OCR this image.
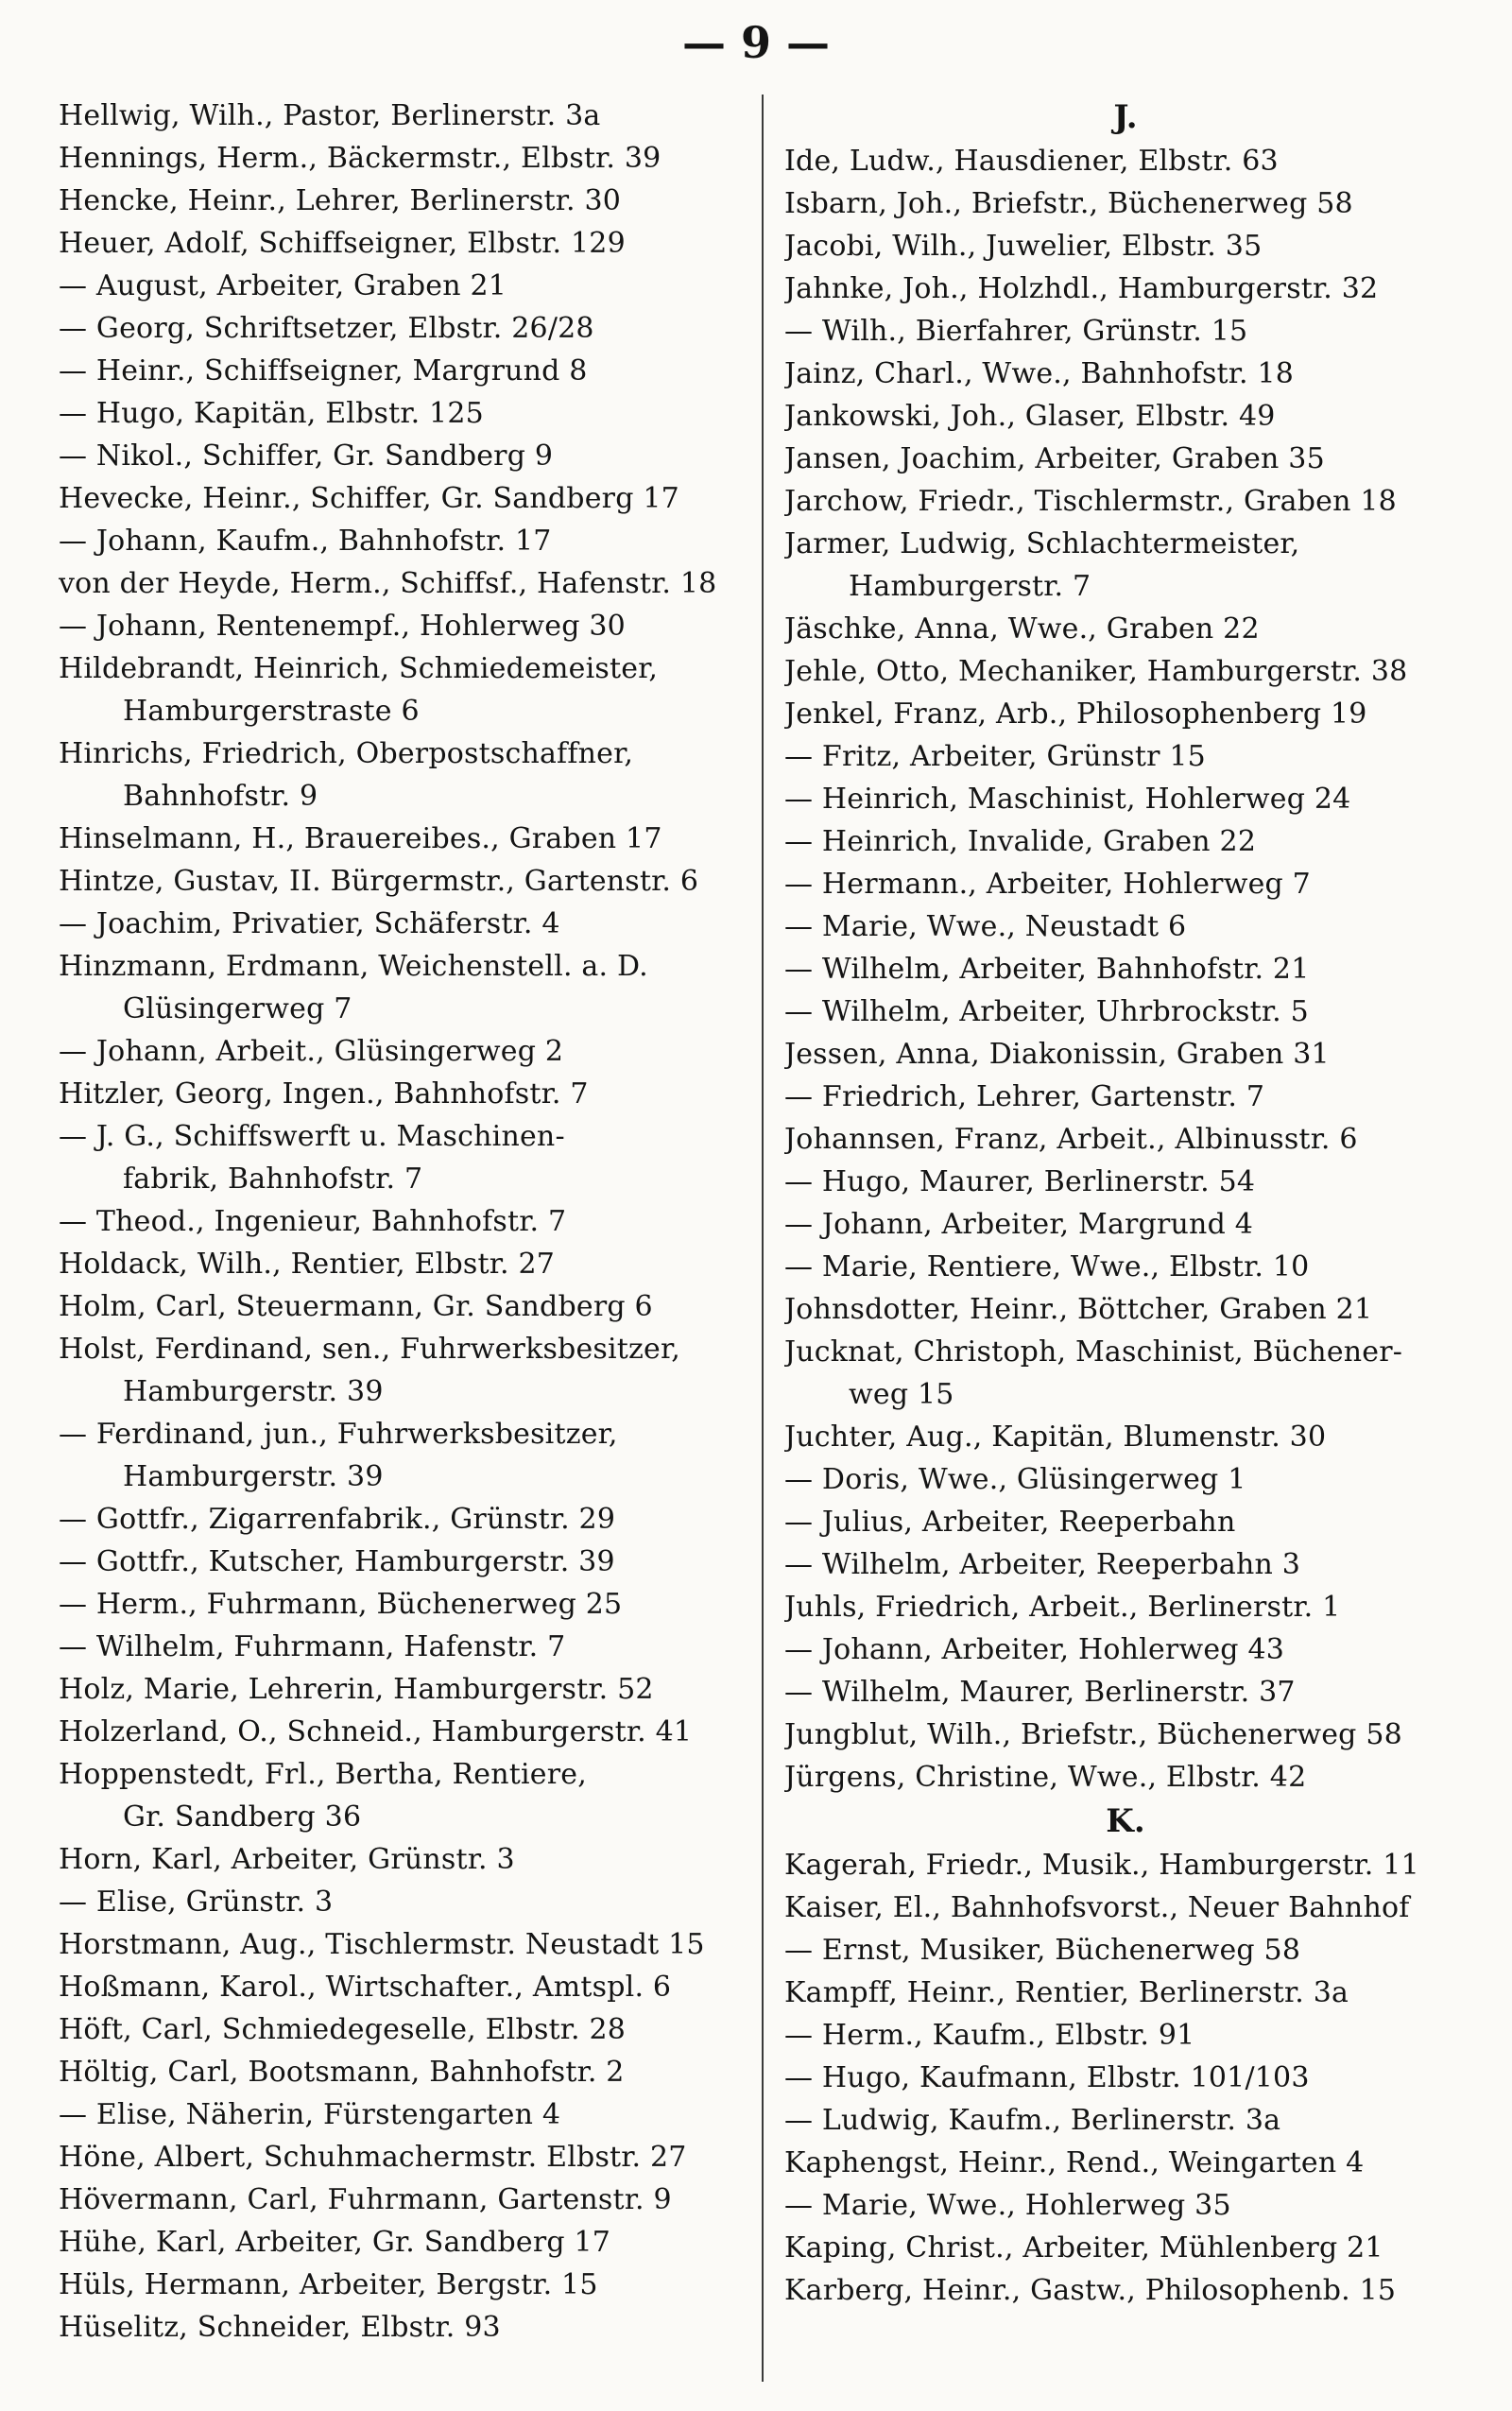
— 9 —
Hellwig, Wilh., Pastor, Berlinerstr. 3a
Hennings, Herm., Bäckermstr., Elbstr. 39
Hencke, Heinr., Lehrer, Berlinerstr. 30
Heuer, Adolf, Schiffseigner, Elbstr. 129
— August, Arbeiter, Graben 21
— Georg, Schriftsetzer, Elbstr. 26/28
— Heinr., Schiffseigner, Margrund 8
— Hugo, Kapitän, Elbstr. 125
— Nikol., Schiffer, Gr. Sandberg 9
Hevecke, Heinr., Schiffer, Gr. Sandberg 17
— Johann, Kaufm., Bahnhofstr. 17
von der Heyde, Herm., Schiffsf., Hafenstr. 18
— Johann, Rentenempf., Hohlerweg 30
Hildebrandt, Heinrich, Schmiedemeister,
Hamburgerstraste 6
Hinrichs, Friedrich, Oberpostschaffner,
Bahnhofstr. 9
Hinselmann, H., Brauereibes., Graben 17
Hintze, Gustav, II. Bürgermstr., Gartenstr. 6
— Joachim, Privatier, Schäferstr. 4
Hinzmann, Erdmann, Weichenstell. a. D.
Glüsingerweg 7
— Johann, Arbeit., Glüsingerweg 2
Hitzler, Georg, Ingen., Bahnhofstr. 7
— J. G., Schiffswerft u. Maschinen-
fabrik, Bahnhofstr. 7
— Theod., Ingenieur, Bahnhofstr. 7
Holdack, Wilh., Rentier, Elbstr. 27
Holm, Carl, Steuermann, Gr. Sandberg 6
Holst, Ferdinand, sen., Fuhrwerksbesitzer,
Hamburgerstr. 39
— Ferdinand, jun., Fuhrwerksbesitzer,
Hamburgerstr. 39
— Gottfr., Zigarrenfabrik., Grünstr. 29
— Gottfr., Kutscher, Hamburgerstr. 39
— Herm., Fuhrmann, Büchenerweg 25
— Wilhelm, Fuhrmann, Hafenstr. 7
Holz, Marie, Lehrerin, Hamburgerstr. 52
Holzerland, O., Schneid., Hamburgerstr. 41
Hoppenstedt, Frl., Bertha, Rentiere,
Gr. Sandberg 36
Horn, Karl, Arbeiter, Grünstr. 3
— Elise, Grünstr. 3
Horstmann, Aug., Tischlermstr. Neustadt 15
Hoßmann, Karol., Wirtschafter., Amtspl. 6
Höft, Carl, Schmiedegeselle, Elbstr. 28
Höltig, Carl, Bootsmann, Bahnhofstr. 2
— Elise, Näherin, Fürstengarten 4
Höne, Albert, Schuhmachermstr. Elbstr. 27
Hövermann, Carl, Fuhrmann, Gartenstr. 9
Hühe, Karl, Arbeiter, Gr. Sandberg 17
Hüls, Hermann, Arbeiter, Bergstr. 15
Hüselitz, Schneider, Elbstr. 93
J.
Ide, Ludw., Hausdiener, Elbstr. 63
Isbarn, Joh., Briefstr., Büchenerweg 58
Jacobi, Wilh., Juwelier, Elbstr. 35
Jahnke, Joh., Holzhdl., Hamburgerstr. 32
— Wilh., Bierfahrer, Grünstr. 15
Jainz, Charl., Wwe., Bahnhofstr. 18
Jankowski, Joh., Glaser, Elbstr. 49
Jansen, Joachim, Arbeiter, Graben 35
Jarchow, Friedr., Tischlermstr., Graben 18
Jarmer, Ludwig, Schlachtermeister,
Hamburgerstr. 7
Jäschke, Anna, Wwe., Graben 22
Jehle, Otto, Mechaniker, Hamburgerstr. 38
Jenkel, Franz, Arb., Philosophenberg 19
— Fritz, Arbeiter, Grünstr 15
— Heinrich, Maschinist, Hohlerweg 24
— Heinrich, Invalide, Graben 22
— Hermann., Arbeiter, Hohlerweg 7
— Marie, Wwe., Neustadt 6
— Wilhelm, Arbeiter, Bahnhofstr. 21
— Wilhelm, Arbeiter, Uhrbrockstr. 5
Jessen, Anna, Diakonissin, Graben 31
— Friedrich, Lehrer, Gartenstr. 7
Johannsen, Franz, Arbeit., Albinusstr. 6
— Hugo, Maurer, Berlinerstr. 54
— Johann, Arbeiter, Margrund 4
— Marie, Rentiere, Wwe., Elbstr. 10
Johnsdotter, Heinr., Böttcher, Graben 21
Jucknat, Christoph, Maschinist, Büchener-
weg 15
Juchter, Aug., Kapitän, Blumenstr. 30
— Doris, Wwe., Glüsingerweg 1
— Julius, Arbeiter, Reeperbahn
— Wilhelm, Arbeiter, Reeperbahn 3
Juhls, Friedrich, Arbeit., Berlinerstr. 1
— Johann, Arbeiter, Hohlerweg 43
— Wilhelm, Maurer, Berlinerstr. 37
Jungblut, Wilh., Briefstr., Büchenerweg 58
Jürgens, Christine, Wwe., Elbstr. 42
K.
Kagerah, Friedr., Musik., Hamburgerstr. 11
Kaiser, El., Bahnhofsvorst., Neuer Bahnhof
— Ernst, Musiker, Büchenerweg 58
Kampff, Heinr., Rentier, Berlinerstr. 3a
— Herm., Kaufm., Elbstr. 91
— Hugo, Kaufmann, Elbstr. 101/103
— Ludwig, Kaufm., Berlinerstr. 3a
Kaphengst, Heinr., Rend., Weingarten 4
— Marie, Wwe., Hohlerweg 35
Kaping, Christ., Arbeiter, Mühlenberg 21
Karberg, Heinr., Gastw., Philosophenb. 15
